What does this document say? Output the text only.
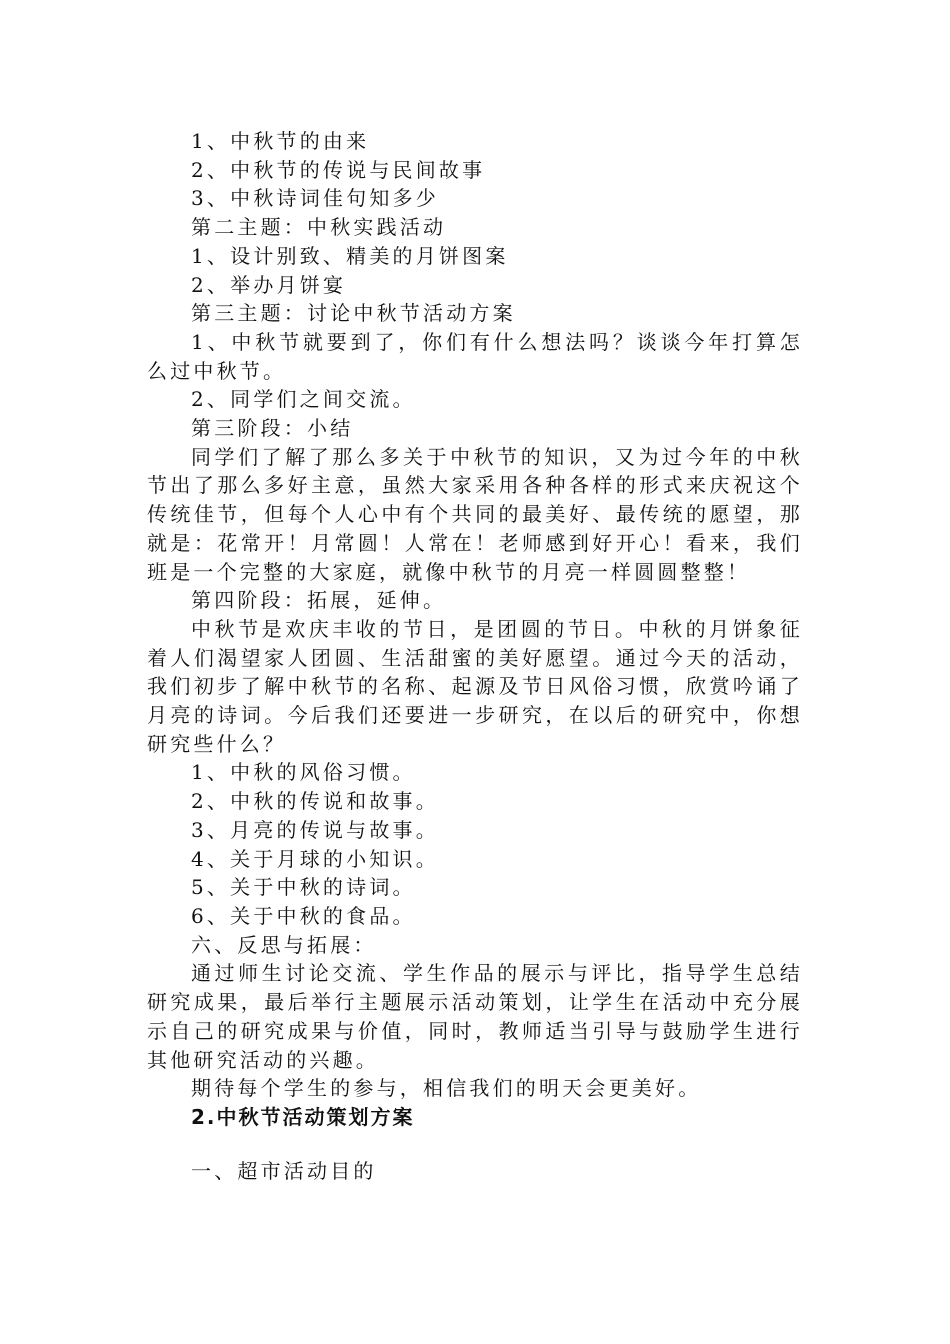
1、中秋节的由来

2、中秋节的传说与民间故事

3、中秋诗词佳句知多少

第二主题：中秋实践活动

1、设计别致、精美的月饼图案

2、举办月饼宴

第三主题：讨论中秋节活动方案

1、中秋节就要到了，你们有什么想法吗？谈谈今年打算怎么过中秋节。

2、同学们之间交流。

第三阶段：小结

同学们了解了那么多关于中秋节的知识，又为过今年的中秋节出了那么多好主意，虽然大家采用各种各样的形式来庆祝这个传统佳节，但每个人心中有个共同的最美好、最传统的愿望，那就是：花常开！月常圆！人常在！老师感到好开心！看来，我们班是一个完整的大家庭，就像中秋节的月亮一样圆圆整整！

第四阶段：拓展，延伸。

中秋节是欢庆丰收的节日，是团圆的节日。中秋的月饼象征着人们渴望家人团圆、生活甜蜜的美好愿望。通过今天的活动，我们初步了解中秋节的名称、起源及节日风俗习惯，欣赏吟诵了月亮的诗词。今后我们还要进一步研究，在以后的研究中，你想研究些什么？

1、中秋的风俗习惯。

2、中秋的传说和故事。

3、月亮的传说与故事。

4、关于月球的小知识。

5、关于中秋的诗词。

6、关于中秋的食品。

六、反思与拓展：

通过师生讨论交流、学生作品的展示与评比，指导学生总结研究成果，最后举行主题展示活动策划，让学生在活动中充分展示自己的研究成果与价值，同时，教师适当引导与鼓励学生进行其他研究活动的兴趣。

期待每个学生的参与，相信我们的明天会更美好。

2.中秋节活动策划方案

一、超市活动目的
